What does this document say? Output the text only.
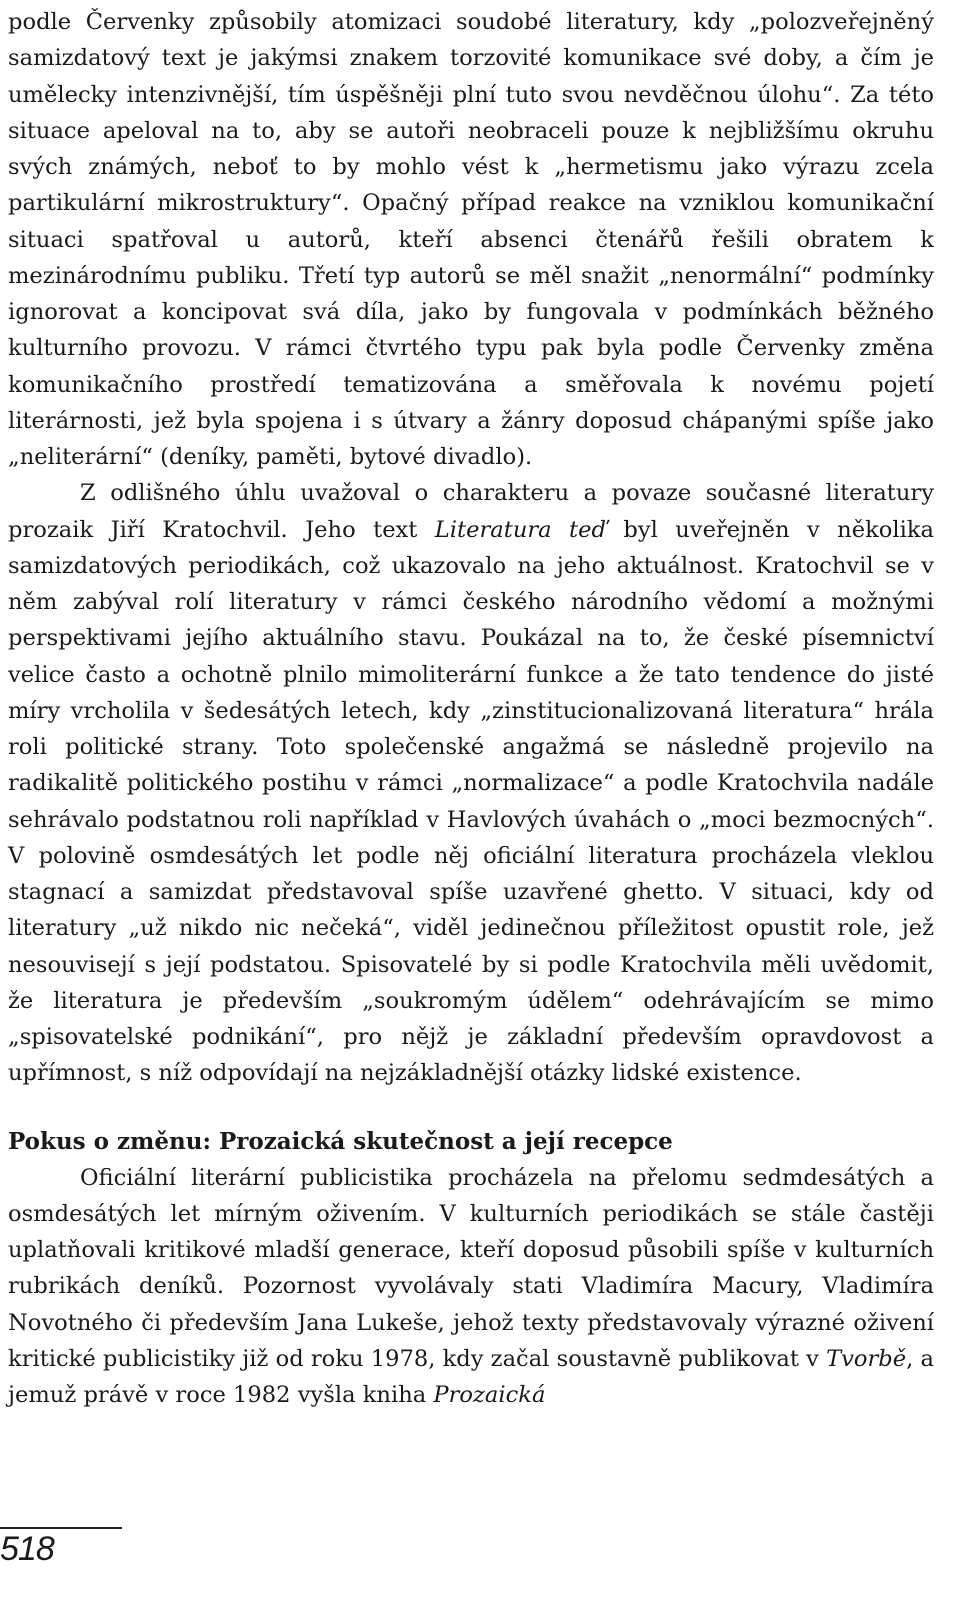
podle Červenky způsobily atomizaci soudobé literatury, kdy „polozveřejněný samizdatový text je jakýmsi znakem torzovité komunikace své doby, a čím je umělecky intenzivnější, tím úspěšněji plní tuto svou nevděčnou úlohu“. Za této situace apeloval na to, aby se autoři neobraceli pouze k nejbližšímu okruhu svých známých, neboť to by mohlo vést k „hermetismu jako výrazu zcela partikulární mikrostruktury“. Opačný případ reakce na vzniklou komunikační situaci spatřoval u autorů, kteří absenci čtenářů řešili obratem k mezinárodnímu publiku. Třetí typ autorů se měl snažit „nenormální“ podmínky ignorovat a koncipovat svá díla, jako by fungovala v podmínkách běžného kulturního provozu. V rámci čtvrtého typu pak byla podle Červenky změna komunikačního prostředí tematizována a směřovala k novému pojetí literárnosti, jež byla spojena i s útvary a žánry doposud chápanými spíše jako „neliterární“ (deníky, paměti, bytové divadlo).

Z odlišného úhlu uvažoval o charakteru a povaze současné literatury prozaik Jiří Kratochvil. Jeho text Literatura teď byl uveřejněn v několika samizdatových periodikách, což ukazovalo na jeho aktuálnost. Kratochvil se v něm zabýval rolí literatury v rámci českého národního vědomí a možnými perspektivami jejího aktuálního stavu. Poukázal na to, že české písemnictví velice často a ochotně plnilo mimoliterární funkce a že tato tendence do jisté míry vrcholila v šedesátých letech, kdy „zinstitucionalizovaná literatura“ hrála roli politické strany. Toto společenské angažmá se následně projevilo na radikalitě politického postihu v rámci „normalizace“ a podle Kratochvila nadále sehrávalo podstatnou roli například v Havlových úvahách o „moci bezmocných“. V polovině osmdesátých let podle něj oficiální literatura procházela vleklou stagnací a samizdat představoval spíše uzavřené ghetto. V situaci, kdy od literatury „už nikdo nic nečeká“, viděl jedinečnou příležitost opustit role, jež nesouvisejí s její podstatou. Spisovatelé by si podle Kratochvila měli uvědomit, že literatura je především „soukromým údělem“ odehrávajícím se mimo „spisovatelské podnikání“, pro nějž je základní především opravdovost a upřímnost, s níž odpovídají na nejzákladnější otázky lidské existence.

Pokus o změnu: Prozaická skutečnost a její recepce

Oficiální literární publicistika procházela na přelomu sedmdesátých a osmdesátých let mírným oživením. V kulturních periodikách se stále častěji uplatňovali kritikové mladší generace, kteří doposud působili spíše v kulturních rubrikách deníků. Pozornost vyvolávaly stati Vladimíra Macury, Vladimíra Novotného či především Jana Lukeše, jehož texty představovaly výrazné oživení kritické publicistiky již od roku 1978, kdy začal soustavně publikovat v Tvorbě, a jemuž právě v roce 1982 vyšla kniha Prozaická

518
